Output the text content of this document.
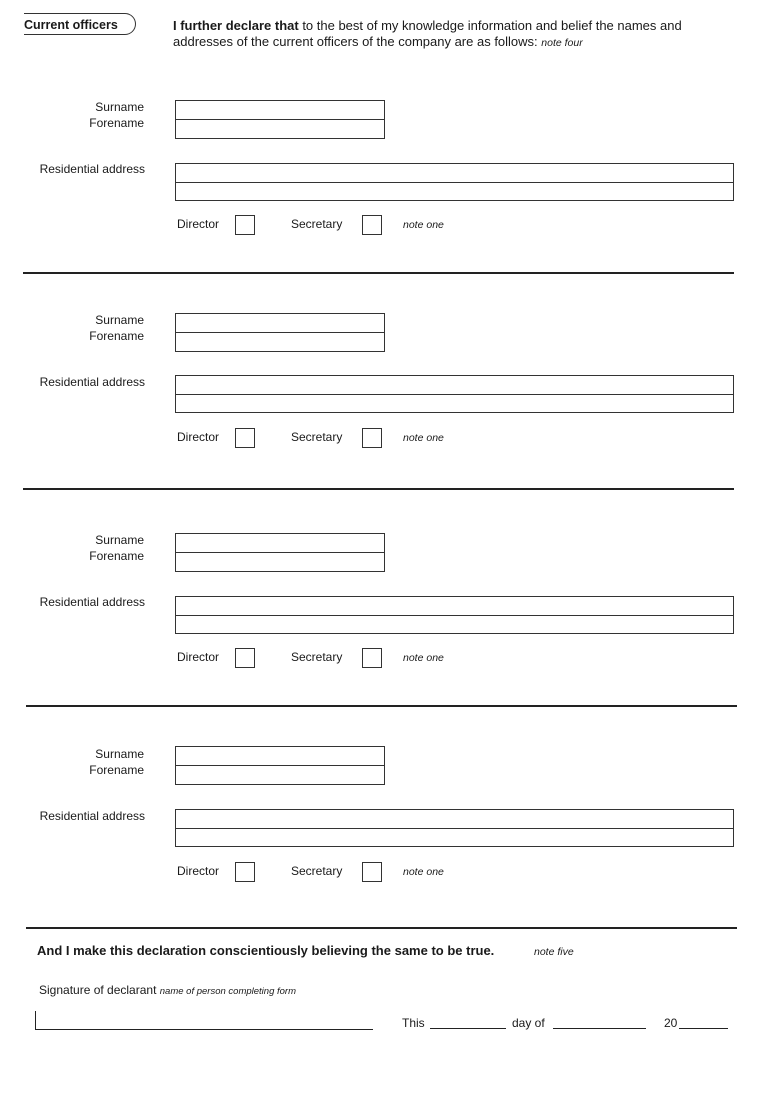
Current officers	I further declare that to the best of my knowledge information and belief the names and addresses of the current officers of the company are as follows: note four
Surname
Forename
Residential address
Director	Secretary	note one
Surname
Forename
Residential address
Director	Secretary	note one
Surname
Forename
Residential address
Director	Secretary	note one
Surname
Forename
Residential address
Director	Secretary	note one
And I make this declaration conscientiously believing the same to be true.	note five
Signature of declarant name of person completing form
This	day of	20
